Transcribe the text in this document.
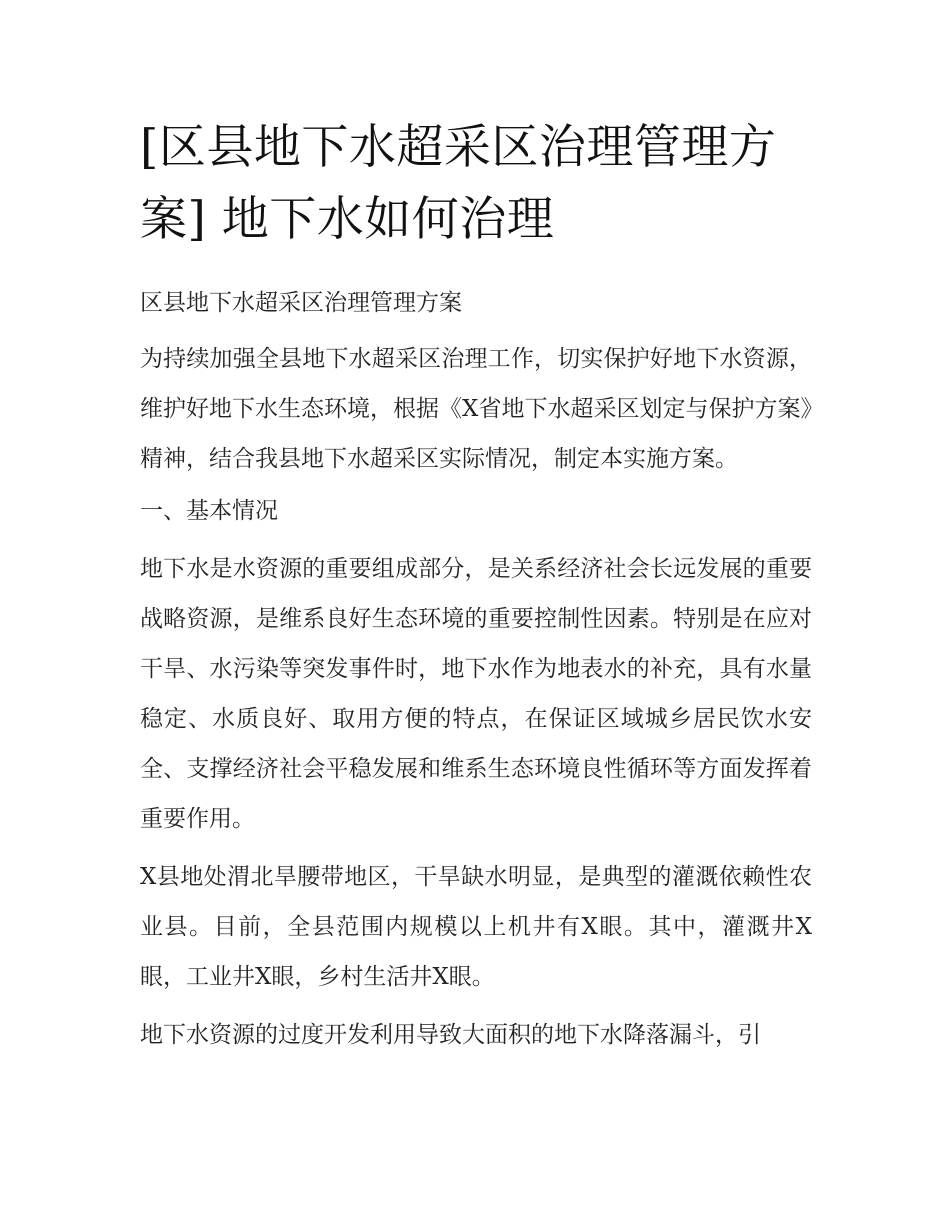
[区县地下水超采区治理管理方案] 地下水如何治理

区县地下水超采区治理管理方案

为持续加强全县地下水超采区治理工作，切实保护好地下水资源，维护好地下水生态环境，根据《X省地下水超采区划定与保护方案》精神，结合我县地下水超采区实际情况，制定本实施方案。

一、基本情况

地下水是水资源的重要组成部分，是关系经济社会长远发展的重要战略资源，是维系良好生态环境的重要控制性因素。特别是在应对干旱、水污染等突发事件时，地下水作为地表水的补充，具有水量稳定、水质良好、取用方便的特点，在保证区域城乡居民饮水安全、支撑经济社会平稳发展和维系生态环境良性循环等方面发挥着重要作用。

X县地处渭北旱腰带地区，干旱缺水明显，是典型的灌溉依赖性农业县。目前，全县范围内规模以上机井有X眼。其中，灌溉井X眼，工业井X眼，乡村生活井X眼。

地下水资源的过度开发利用导致大面积的地下水降落漏斗，引
